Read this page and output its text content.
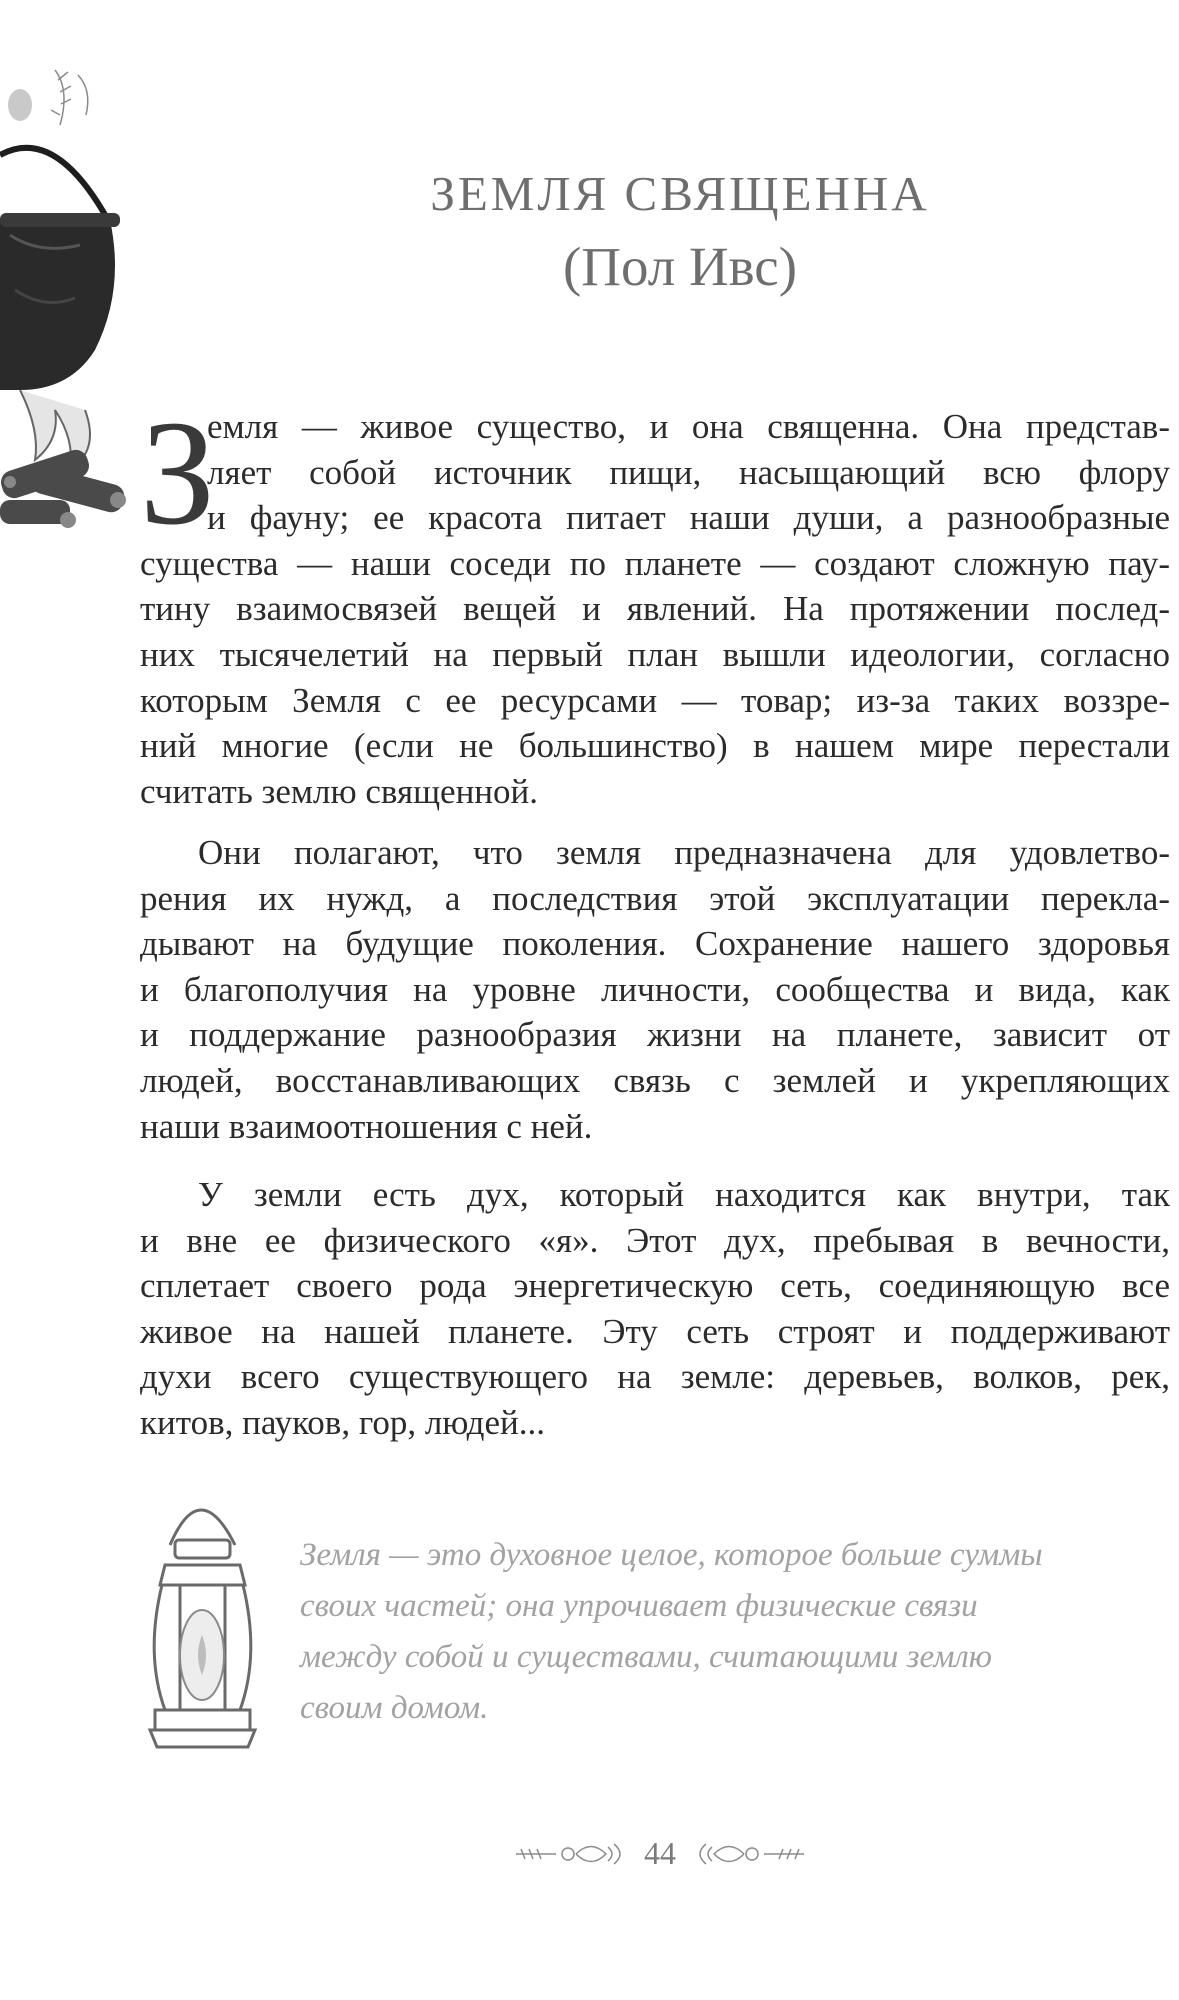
ЗЕМЛЯ СВЯЩЕННА
(Пол Ивс)
З
емля — живое существо, и она священна. Она представ-
ляет собой источник пищи, насыщающий всю флору
и фауну; ее красота питает наши души, а разнообразные
существа — наши соседи по планете — создают сложную пау-
тину взаимосвязей вещей и явлений. На протяжении послед-
них тысячелетий на первый план вышли идеологии, согласно
которым Земля с ее ресурсами — товар; из-за таких воззре-
ний многие (если не большинство) в нашем мире перестали
считать землю священной.
Они полагают, что земля предназначена для удовлетво-
рения их нужд, а последствия этой эксплуатации перекла-
дывают на будущие поколения. Сохранение нашего здоровья
и благополучия на уровне личности, сообщества и вида, как
и поддержание разнообразия жизни на планете, зависит от
людей, восстанавливающих связь с землей и укрепляющих
наши взаимоотношения с ней.
У земли есть дух, который находится как внутри, так
и вне ее физического «я». Этот дух, пребывая в вечности,
сплетает своего рода энергетическую сеть, соединяющую все
живое на нашей планете. Эту сеть строят и поддерживают
духи всего существующего на земле: деревьев, волков, рек,
китов, пауков, гор, людей...
Земля — это духовное целое, которое больше суммы
своих частей; она упрочивает физические связи
между собой и существами, считающими землю
своим домом.
44
